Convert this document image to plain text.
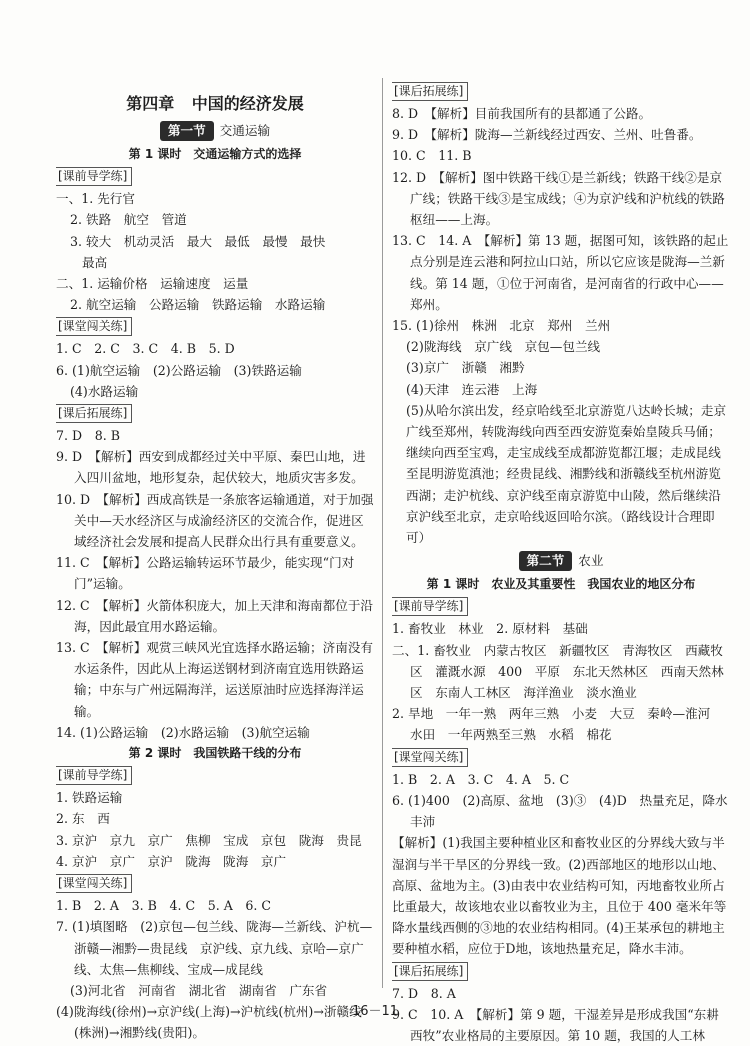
第四章 中国的经济发展
第一节 交通运输
第 1 课时　交通运输方式的选择
[课前导学练]
一、1. 先行官
2. 铁路　航空　管道
3. 较大　机动灵活　最大　最低　最慢　最快
最高
二、1. 运输价格　运输速度　运量
2. 航空运输　公路运输　铁路运输　水路运输
[课堂闯关练]
1. C　2. C　3. C　4. B　5. D
6. (1)航空运输　(2)公路运输　(3)铁路运输
(4)水路运输
[课后拓展练]
7. D　8. B
9. D　【解析】西安到成都经过关中平原、秦巴山地，进入四川盆地，地形复杂，起伏较大，地质灾害多发。
10. D　【解析】西成高铁是一条旅客运输通道，对于加强关中—天水经济区与成渝经济区的交流合作，促进区域经济社会发展和提高人民群众出行具有重要意义。
11. C　【解析】公路运输转运环节最少，能实现“门对门”运输。
12. C　【解析】火箭体积庞大，加上天津和海南都位于沿海，因此最宜用水路运输。
13. C　【解析】观赏三峡风光宜选择水路运输；济南没有水运条件，因此从上海运送钢材到济南宜选用铁路运输；中东与广州远隔海洋，运送原油时应选择海洋运输。
14. (1)公路运输　(2)水路运输　(3)航空运输
第 2 课时　我国铁路干线的分布
[课前导学练]
1. 铁路运输
2. 东　西
3. 京沪　京九　京广　焦柳　宝成　京包　陇海　贵昆
4. 京沪　京广　京沪　陇海　陇海　京广
[课堂闯关练]
1. B　2. A　3. B　4. C　5. A　6. C
7. (1)填图略　(2)京包—包兰线、陇海—兰新线、沪杭—浙赣—湘黔—贵昆线　京沪线、京九线、京哈—京广线、太焦—焦柳线、宝成—成昆线
(3)河北省　河南省　湖北省　湖南省　广东省
(4)陇海线(徐州)→京沪线(上海)→沪杭线(杭州)→浙赣线(株洲)→湘黔线(贵阳)。
[课后拓展练]
8. D　【解析】目前我国所有的县都通了公路。
9. D　【解析】陇海—兰新线经过西安、兰州、吐鲁番。
10. C　11. B
12. D　【解析】图中铁路干线①是兰新线；铁路干线②是京广线；铁路干线③是宝成线；④为京沪线和沪杭线的铁路枢纽——上海。
13. C　14. A　【解析】第 13 题，据图可知，该铁路的起止点分别是连云港和阿拉山口站，所以它应该是陇海—兰新线。第 14 题，①位于河南省，是河南省的行政中心——郑州。
15. (1)徐州　株洲　北京　郑州　兰州
(2)陇海线　京广线　京包—包兰线
(3)京广　浙赣　湘黔
(4)天津　连云港　上海
(5)从哈尔滨出发，经京哈线至北京游览八达岭长城；走京广线至郑州，转陇海线向西至西安游览秦始皇陵兵马俑；继续向西至宝鸡，走宝成线至成都游览都江堰；走成昆线至昆明游览滇池；经贵昆线、湘黔线和浙赣线至杭州游览西湖；走沪杭线、京沪线至南京游览中山陵，然后继续沿京沪线至北京，走京哈线返回哈尔滨。（路线设计合理即可）
第二节 农业
第 1 课时　农业及其重要性　我国农业的地区分布
[课前导学练]
1. 畜牧业　林业　2. 原材料　基础
二、1. 畜牧业　内蒙古牧区　新疆牧区　青海牧区　西藏牧区　灌溉水源　400　平原　东北天然林区　西南天然林区　东南人工林区　海洋渔业　淡水渔业
2. 旱地　一年一熟　两年三熟　小麦　大豆　秦岭—淮河　水田　一年两熟至三熟　水稻　棉花
[课堂闯关练]
1. B　2. A　3. C　4. A　5. C
6. (1)400　(2)高原、盆地　(3)③　(4)D　热量充足，降水丰沛
【解析】(1)我国主要种植业区和畜牧业区的分界线大致与半湿润与半干旱区的分界线一致。(2)西部地区的地形以山地、高原、盆地为主。(3)由表中农业结构可知，丙地畜牧业所占比重最大，故该地农业以畜牧业为主，且位于 400 毫米年等降水量线西侧的③地的农业结构相同。(4)王某承包的耕地主要种植水稻，应位于D地，该地热量充足，降水丰沛。
[课后拓展练]
7. D　8. A
9. C　10. A　【解析】第 9 题，干湿差异是形成我国“东耕西牧”农业格局的主要原因。第 10 题，我国的人工林
16－11
